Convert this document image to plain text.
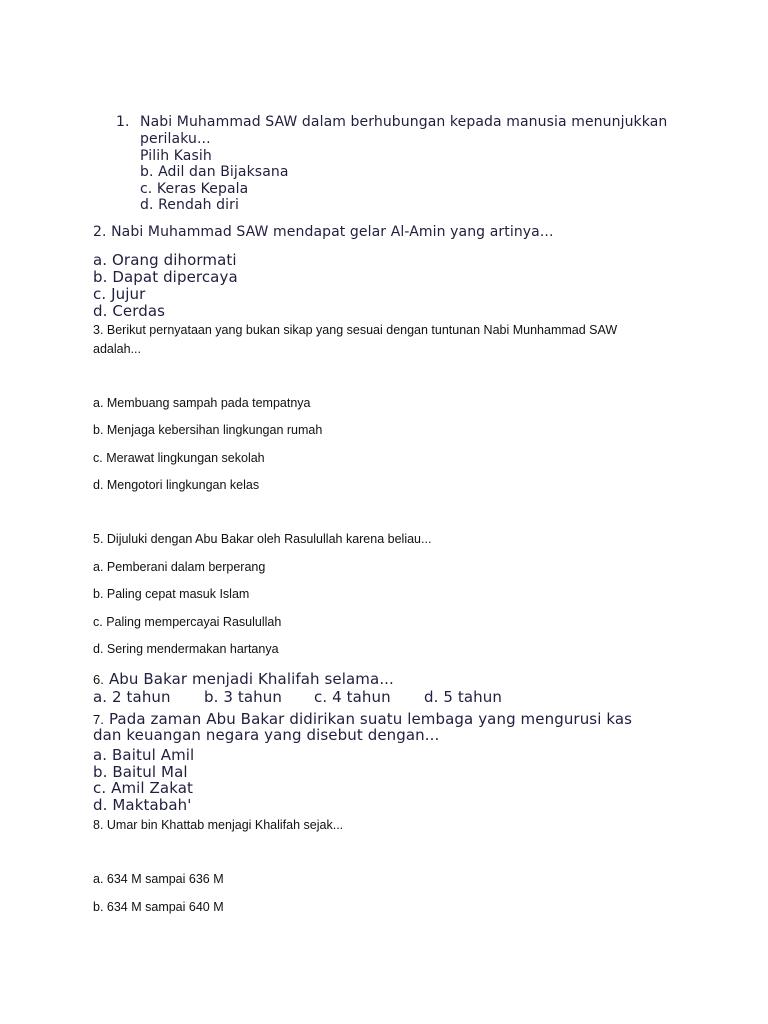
1. Nabi Muhammad SAW dalam berhubungan kepada manusia menunjukkan
perilaku...
Pilih Kasih
b. Adil dan Bijaksana
c. Keras Kepala
d. Rendah diri
2. Nabi Muhammad SAW mendapat gelar Al-Amin yang artinya...
a. Orang dihormati
b. Dapat dipercaya
c. Jujur
d. Cerdas
3. Berikut pernyataan yang bukan sikap yang sesuai dengan tuntunan Nabi Munhammad SAW
adalah...
a. Membuang sampah pada tempatnya
b. Menjaga kebersihan lingkungan rumah
c. Merawat lingkungan sekolah
d. Mengotori lingkungan kelas
5. Dijuluki dengan Abu Bakar oleh Rasulullah karena beliau...
a. Pemberani dalam berperang
b. Paling cepat masuk Islam
c. Paling mempercayai Rasulullah
d. Sering mendermakan hartanya
6. Abu Bakar menjadi Khalifah selama...
a. 2 tahun b. 3 tahun c. 4 tahun d. 5 tahun
7. Pada zaman Abu Bakar didirikan suatu lembaga yang mengurusi kas
dan keuangan negara yang disebut dengan...
a. Baitul Amil
b. Baitul Mal
c. Amil Zakat
d. Maktabah'
8. Umar bin Khattab menjagi Khalifah sejak...
a. 634 M sampai 636 M
b. 634 M sampai 640 M
